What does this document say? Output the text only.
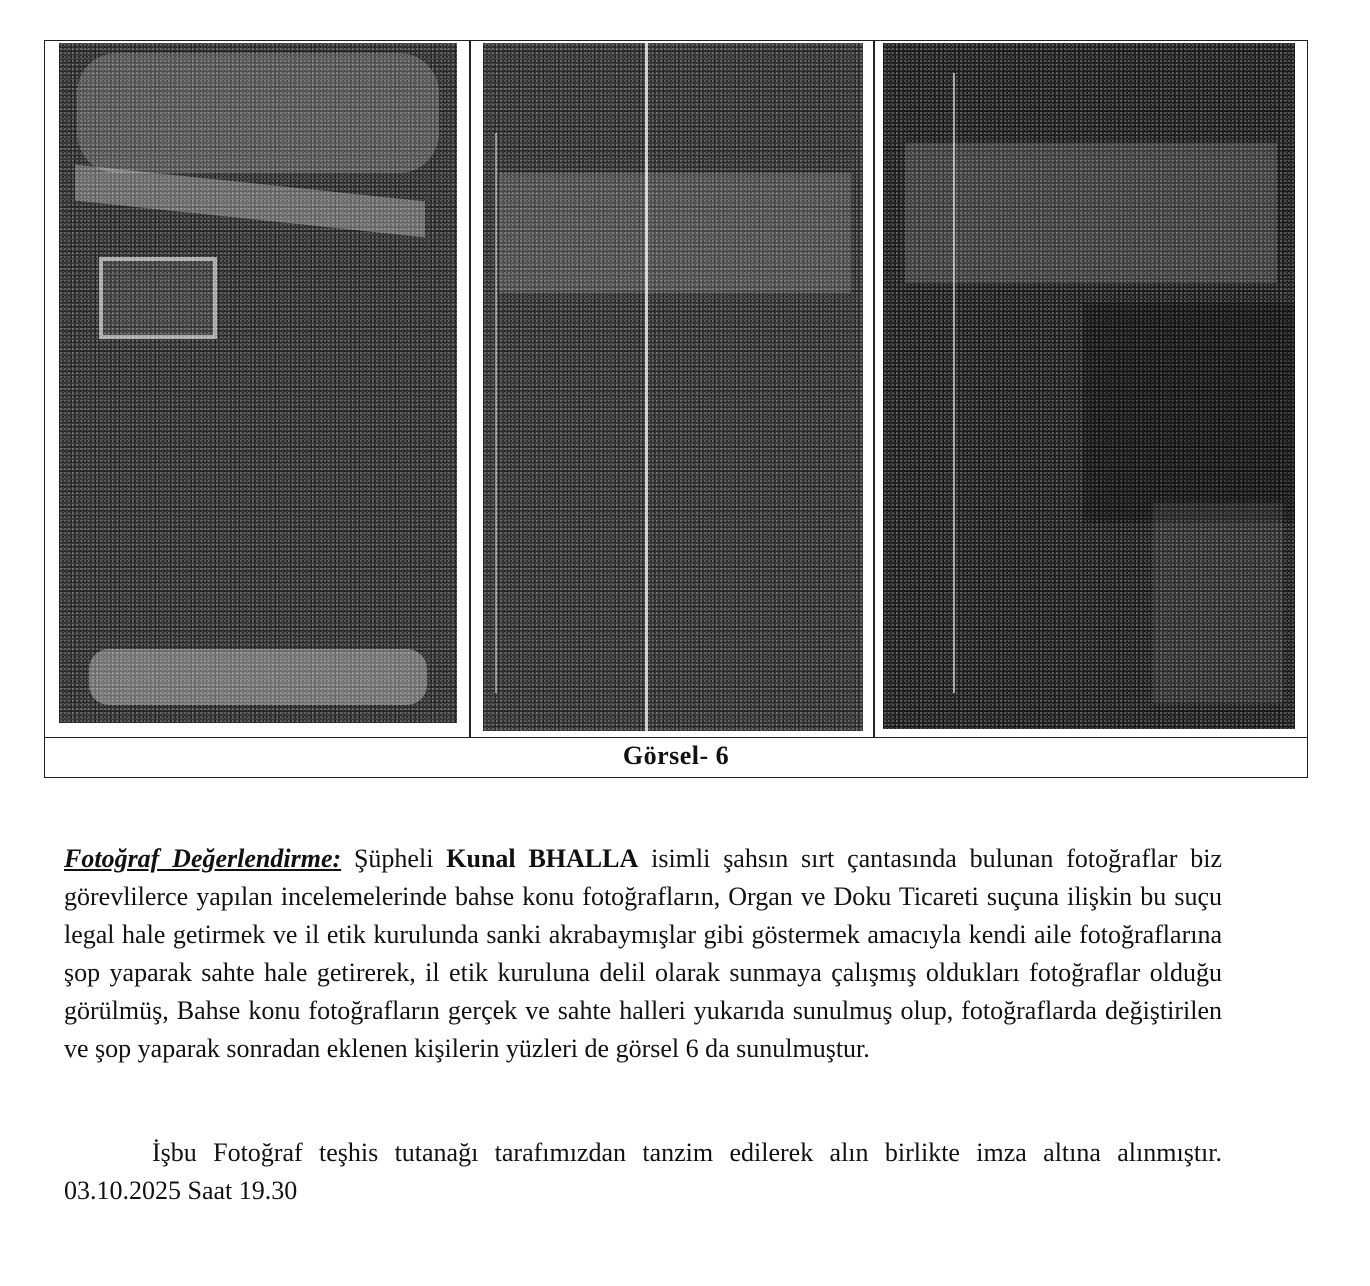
Görsel- 6

Fotoğraf Değerlendirme: Şüpheli Kunal BHALLA isimli şahsın sırt çantasında bulunan fotoğraflar biz görevlilerce yapılan incelemelerinde bahse konu fotoğrafların, Organ ve Doku Ticareti suçuna ilişkin bu suçu legal hale getirmek ve il etik kurulunda sanki akrabaymışlar gibi göstermek amacıyla kendi aile fotoğraflarına şop yaparak sahte hale getirerek, il etik kuruluna delil olarak sunmaya çalışmış oldukları fotoğraflar olduğu görülmüş, Bahse konu fotoğrafların gerçek ve sahte halleri yukarıda sunulmuş olup, fotoğraflarda değiştirilen ve şop yaparak sonradan eklenen kişilerin yüzleri de görsel 6 da sunulmuştur.

İşbu Fotoğraf teşhis tutanağı tarafımızdan tanzim edilerek alın birlikte imza altına alınmıştır. 03.10.2025 Saat 19.30
